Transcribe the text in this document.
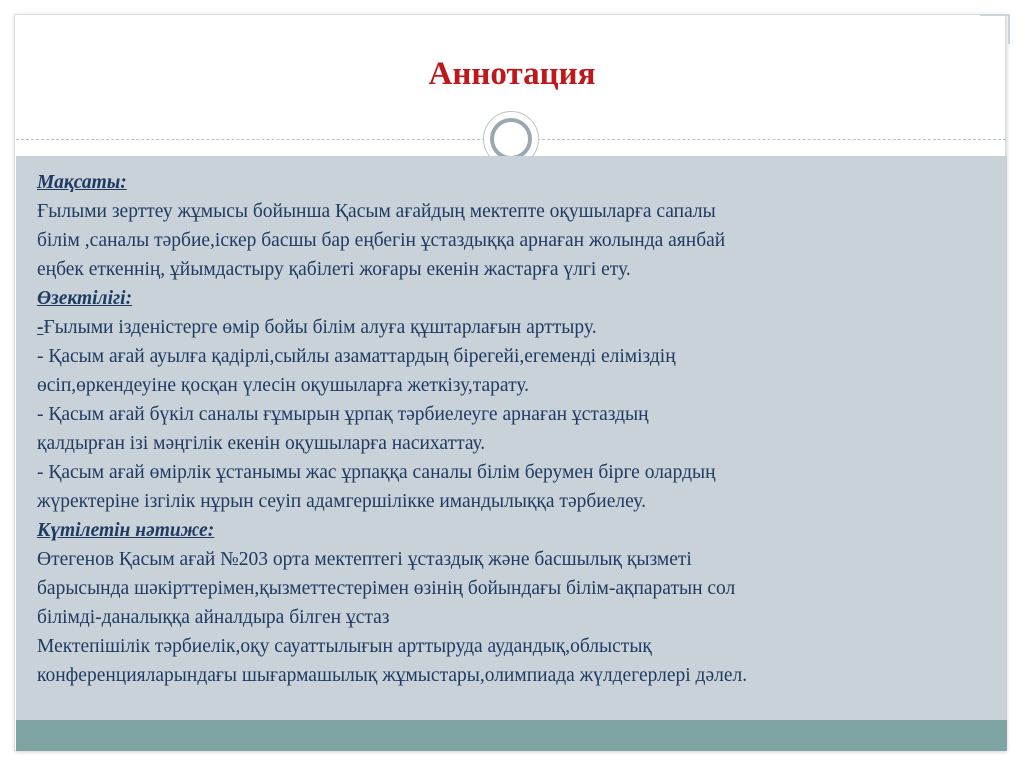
Аннотация
Мақсаты:
Ғылыми зерттеу жұмысы бойынша Қасым ағайдың мектепте оқушыларға сапалы
білім ,саналы тәрбие,іскер басшы бар еңбегін ұстаздыққа арнаған жолында аянбай
еңбек еткеннің, ұйымдастыру қабілеті жоғары екенін жастарға үлгі ету.
Өзектілігі:
-Ғылыми ізденістерге өмір бойы білім алуға құштарлағын арттыру.
- Қасым ағай ауылға қадірлі,сыйлы азаматтардың бірегейі,егеменді еліміздің
өсіп,өркендеуіне қосқан үлесін оқушыларға жеткізу,тарату.
- Қасым ағай бүкіл саналы ғұмырын ұрпақ тәрбиелеуге арнаған ұстаздың
қалдырған ізі мәңгілік екенін оқушыларға насихаттау.
- Қасым ағай өмірлік ұстанымы жас ұрпаққа саналы білім берумен бірге олардың
жүректеріне ізгілік нұрын сеуіп адамгершілікке имандылыққа тәрбиелеу.
Күтілетін нәтиже:
Өтегенов Қасым ағай №203 орта мектептегі ұстаздық және басшылық қызметі
барысында шәкірттерімен,қызметтестерімен өзінің бойындағы білім-ақпаратын сол
білімді-даналыққа айналдыра білген ұстаз
Мектепішілік тәрбиелік,оқу сауаттылығын арттыруда аудандық,облыстық
конференцияларындағы шығармашылық жұмыстары,олимпиада жүлдегерлері дәлел.
